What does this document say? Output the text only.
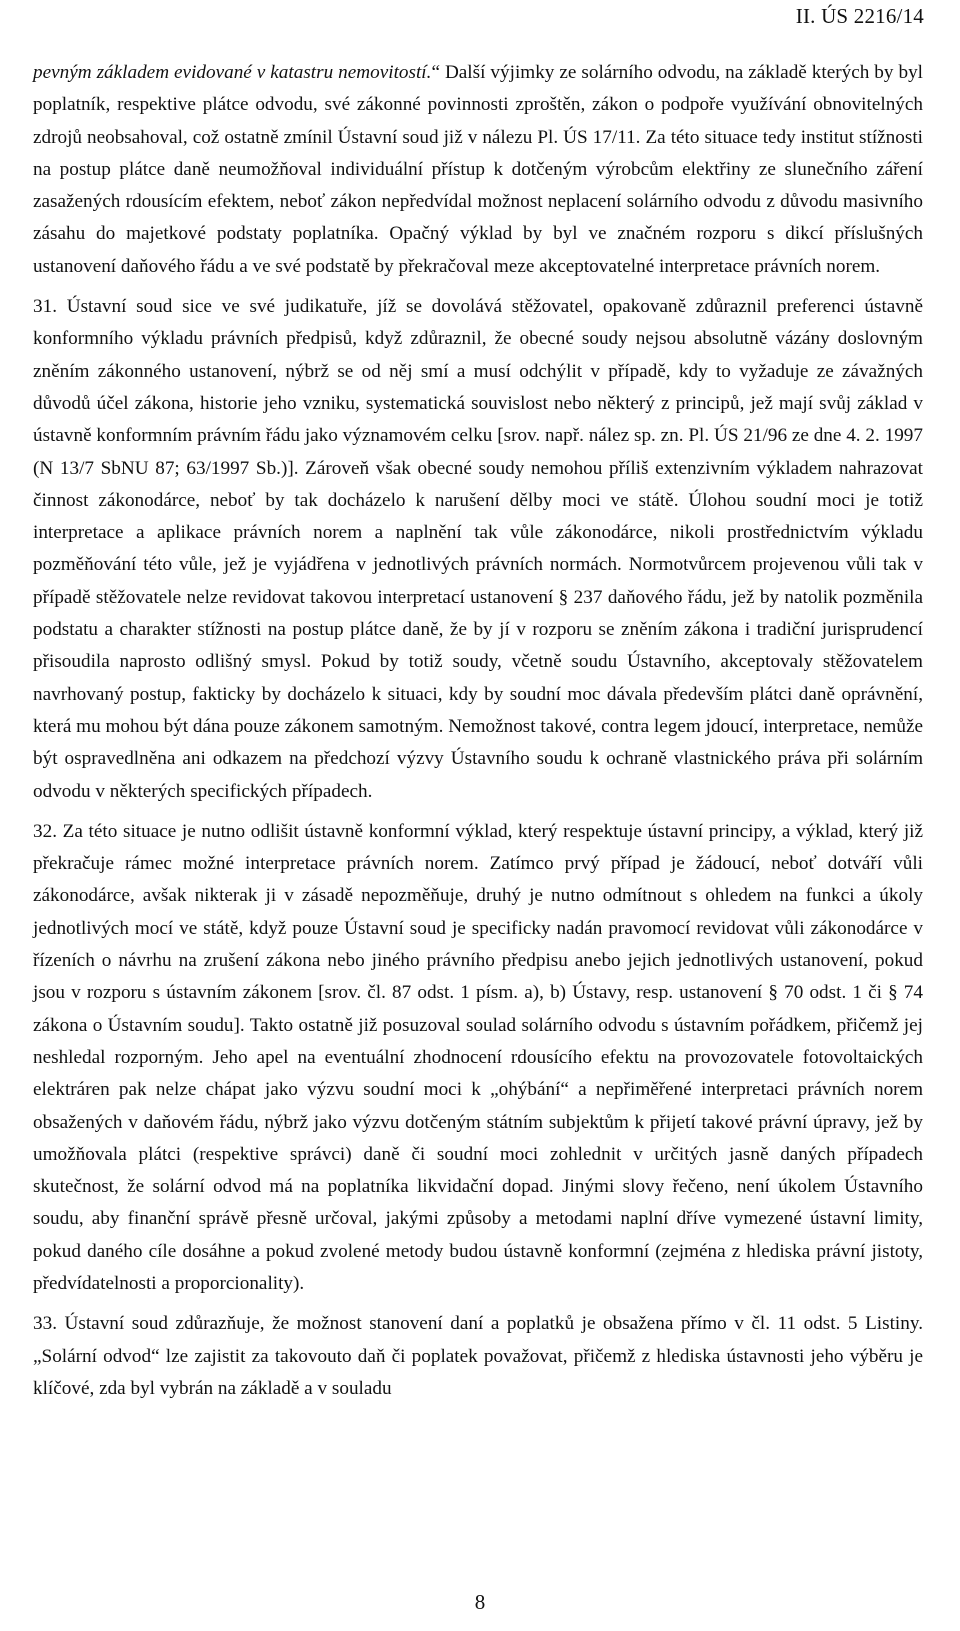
II. ÚS 2216/14

pevným základem evidované v katastru nemovitostí.“ Další výjimky ze solárního odvodu, na základě kterých by byl poplatník, respektive plátce odvodu, své zákonné povinnosti zproštěn, zákon o podpoře využívání obnovitelných zdrojů neobsahoval, což ostatně zmínil Ústavní soud již v nálezu Pl. ÚS 17/11. Za této situace tedy institut stížnosti na postup plátce daně neumožňoval individuální přístup k dotčeným výrobcům elektřiny ze slunečního záření zasažených rdousícím efektem, neboť zákon nepředvídal možnost neplacení solárního odvodu z důvodu masivního zásahu do majetkové podstaty poplatníka. Opačný výklad by byl ve značném rozporu s dikcí příslušných ustanovení daňového řádu a ve své podstatě by překračoval meze akceptovatelné interpretace právních norem.

31. Ústavní soud sice ve své judikatuře, jíž se dovolává stěžovatel, opakovaně zdůraznil preferenci ústavně konformního výkladu právních předpisů, když zdůraznil, že obecné soudy nejsou absolutně vázány doslovným zněním zákonného ustanovení, nýbrž se od něj smí a musí odchýlit v případě, kdy to vyžaduje ze závažných důvodů účel zákona, historie jeho vzniku, systematická souvislost nebo některý z principů, jež mají svůj základ v ústavně konformním právním řádu jako významovém celku [srov. např. nález sp. zn. Pl. ÚS 21/96 ze dne 4. 2. 1997 (N 13/7 SbNU 87; 63/1997 Sb.)]. Zároveň však obecné soudy nemohou příliš extenzivním výkladem nahrazovat činnost zákonodárce, neboť by tak docházelo k narušení dělby moci ve státě. Úlohou soudní moci je totiž interpretace a aplikace právních norem a naplnění tak vůle zákonodárce, nikoli prostřednictvím výkladu pozměňování této vůle, jež je vyjádřena v jednotlivých právních normách. Normotvůrcem projevenou vůli tak v případě stěžovatele nelze revidovat takovou interpretací ustanovení § 237 daňového řádu, jež by natolik pozměnila podstatu a charakter stížnosti na postup plátce daně, že by jí v rozporu se zněním zákona i tradiční jurisprudencí přisoudila naprosto odlišný smysl. Pokud by totiž soudy, včetně soudu Ústavního, akceptovaly stěžovatelem navrhovaný postup, fakticky by docházelo k situaci, kdy by soudní moc dávala především plátci daně oprávnění, která mu mohou být dána pouze zákonem samotným. Nemožnost takové, contra legem jdoucí, interpretace, nemůže být ospravedlněna ani odkazem na předchozí výzvy Ústavního soudu k ochraně vlastnického práva při solárním odvodu v některých specifických případech.

32. Za této situace je nutno odlišit ústavně konformní výklad, který respektuje ústavní principy, a výklad, který již překračuje rámec možné interpretace právních norem. Zatímco prvý případ je žádoucí, neboť dotváří vůli zákonodárce, avšak nikterak ji v zásadě nepozměňuje, druhý je nutno odmítnout s ohledem na funkci a úkoly jednotlivých mocí ve státě, když pouze Ústavní soud je specificky nadán pravomocí revidovat vůli zákonodárce v řízeních o návrhu na zrušení zákona nebo jiného právního předpisu anebo jejich jednotlivých ustanovení, pokud jsou v rozporu s ústavním zákonem [srov. čl. 87 odst. 1 písm. a), b) Ústavy, resp. ustanovení § 70 odst. 1 či § 74 zákona o Ústavním soudu]. Takto ostatně již posuzoval soulad solárního odvodu s ústavním pořádkem, přičemž jej neshledal rozporným. Jeho apel na eventuální zhodnocení rdousícího efektu na provozovatele fotovoltaických elektráren pak nelze chápat jako výzvu soudní moci k „ohýbání“ a nepřiměřené interpretaci právních norem obsažených v daňovém řádu, nýbrž jako výzvu dotčeným státním subjektům k přijetí takové právní úpravy, jež by umožňovala plátci (respektive správci) daně či soudní moci zohlednit v určitých jasně daných případech skutečnost, že solární odvod má na poplatníka likvidační dopad. Jinými slovy řečeno, není úkolem Ústavního soudu, aby finanční správě přesně určoval, jakými způsoby a metodami naplní dříve vymezené ústavní limity, pokud daného cíle dosáhne a pokud zvolené metody budou ústavně konformní (zejména z hlediska právní jistoty, předvídatelnosti a proporcionality).

33. Ústavní soud zdůrazňuje, že možnost stanovení daní a poplatků je obsažena přímo v čl. 11 odst. 5 Listiny. „Solární odvod“ lze zajistit za takovouto daň či poplatek považovat, přičemž z hlediska ústavnosti jeho výběru je klíčové, zda byl vybrán na základě a v souladu

8
